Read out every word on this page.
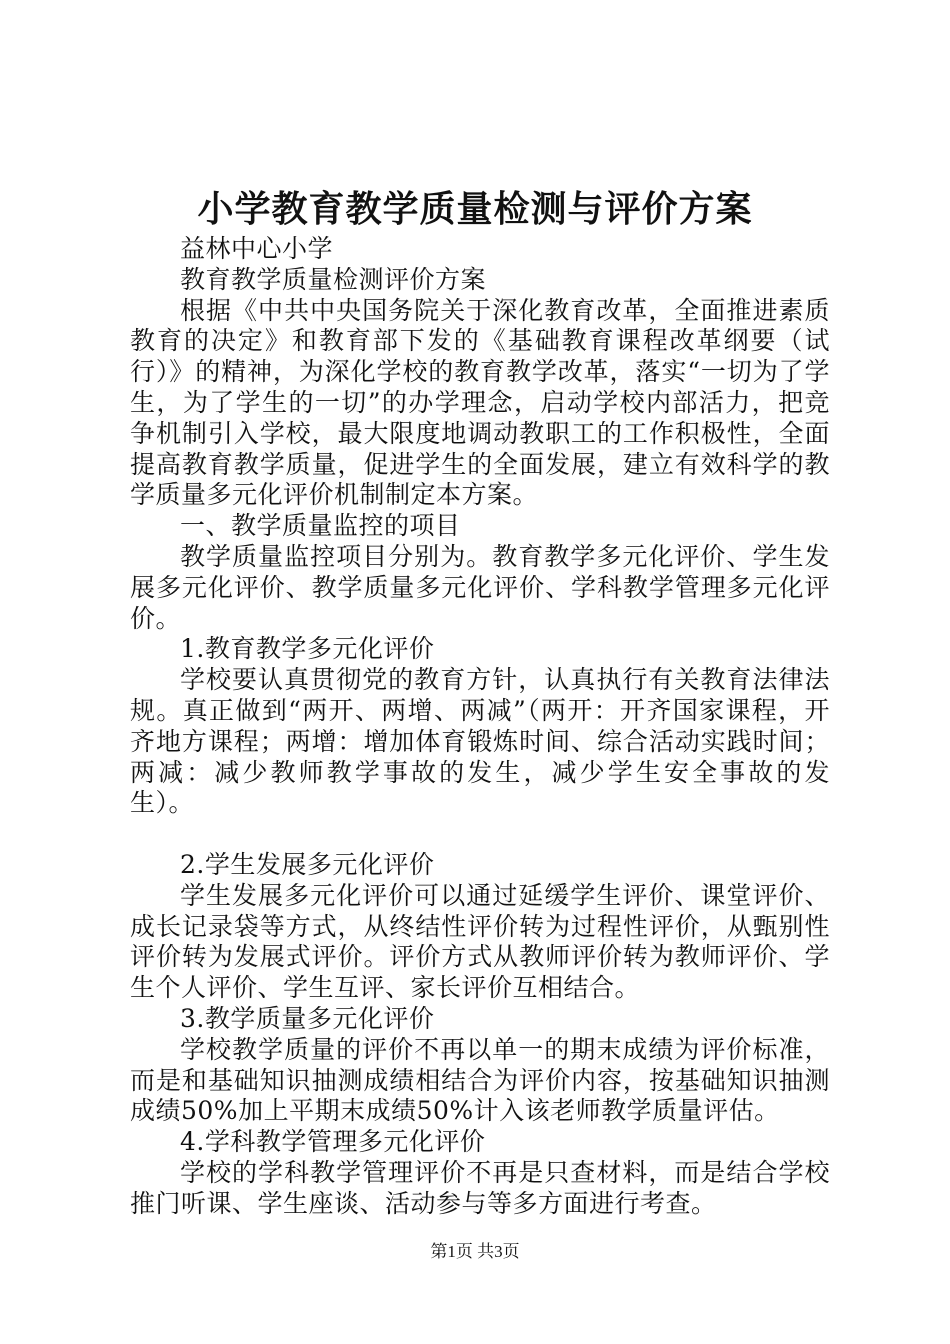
小学教育教学质量检测与评价方案

益林中心小学

教育教学质量检测评价方案

根据《中共中央国务院关于深化教育改革，全面推进素质教育的决定》和教育部下发的《基础教育课程改革纲要（试行）》的精神，为深化学校的教育教学改革，落实“一切为了学生，为了学生的一切”的办学理念，启动学校内部活力，把竞争机制引入学校，最大限度地调动教职工的工作积极性，全面提高教育教学质量，促进学生的全面发展，建立有效科学的教学质量多元化评价机制制定本方案。

一、教学质量监控的项目

教学质量监控项目分别为。教育教学多元化评价、学生发展多元化评价、教学质量多元化评价、学科教学管理多元化评价。

1.教育教学多元化评价

学校要认真贯彻党的教育方针，认真执行有关教育法律法规。真正做到“两开、两增、两减”（两开：开齐国家课程，开齐地方课程；两增：增加体育锻炼时间、综合活动实践时间；两减：减少教师教学事故的发生，减少学生安全事故的发生）。

2.学生发展多元化评价

学生发展多元化评价可以通过延缓学生评价、课堂评价、成长记录袋等方式，从终结性评价转为过程性评价，从甄别性评价转为发展式评价。评价方式从教师评价转为教师评价、学生个人评价、学生互评、家长评价互相结合。

3.教学质量多元化评价

学校教学质量的评价不再以单一的期末成绩为评价标准，而是和基础知识抽测成绩相结合为评价内容，按基础知识抽测成绩50%加上平期末成绩50%计入该老师教学质量评估。

4.学科教学管理多元化评价

学校的学科教学管理评价不再是只查材料，而是结合学校推门听课、学生座谈、活动参与等多方面进行考查。

第1页 共3页
